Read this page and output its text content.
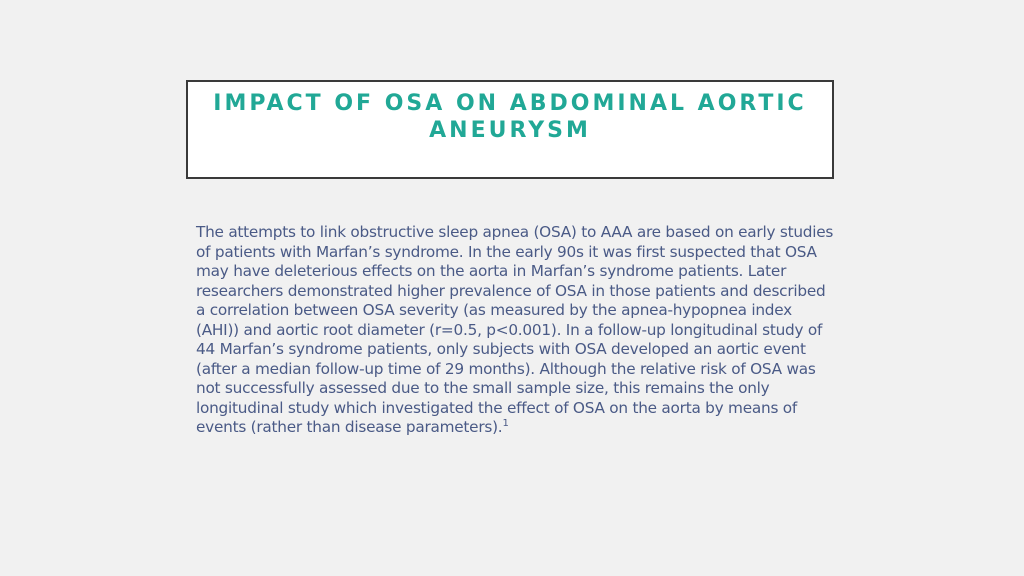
IMPACT OF OSA ON ABDOMINAL AORTIC ANEURYSM

The attempts to link obstructive sleep apnea (OSA) to AAA are based on early studies of patients with Marfan’s syndrome. In the early 90s it was first suspected that OSA may have deleterious effects on the aorta in Marfan’s syndrome patients. Later researchers demonstrated higher prevalence of OSA in those patients and described a correlation between OSA severity (as measured by the apnea-hypopnea index (AHI)) and aortic root diameter (r=0.5, p<0.001). In a follow-up longitudinal study of 44 Marfan’s syndrome patients, only subjects with OSA developed an aortic event (after a median follow-up time of 29 months). Although the relative risk of OSA was not successfully assessed due to the small sample size, this remains the only longitudinal study which investigated the effect of OSA on the aorta by means of events (rather than disease parameters).$^1$
